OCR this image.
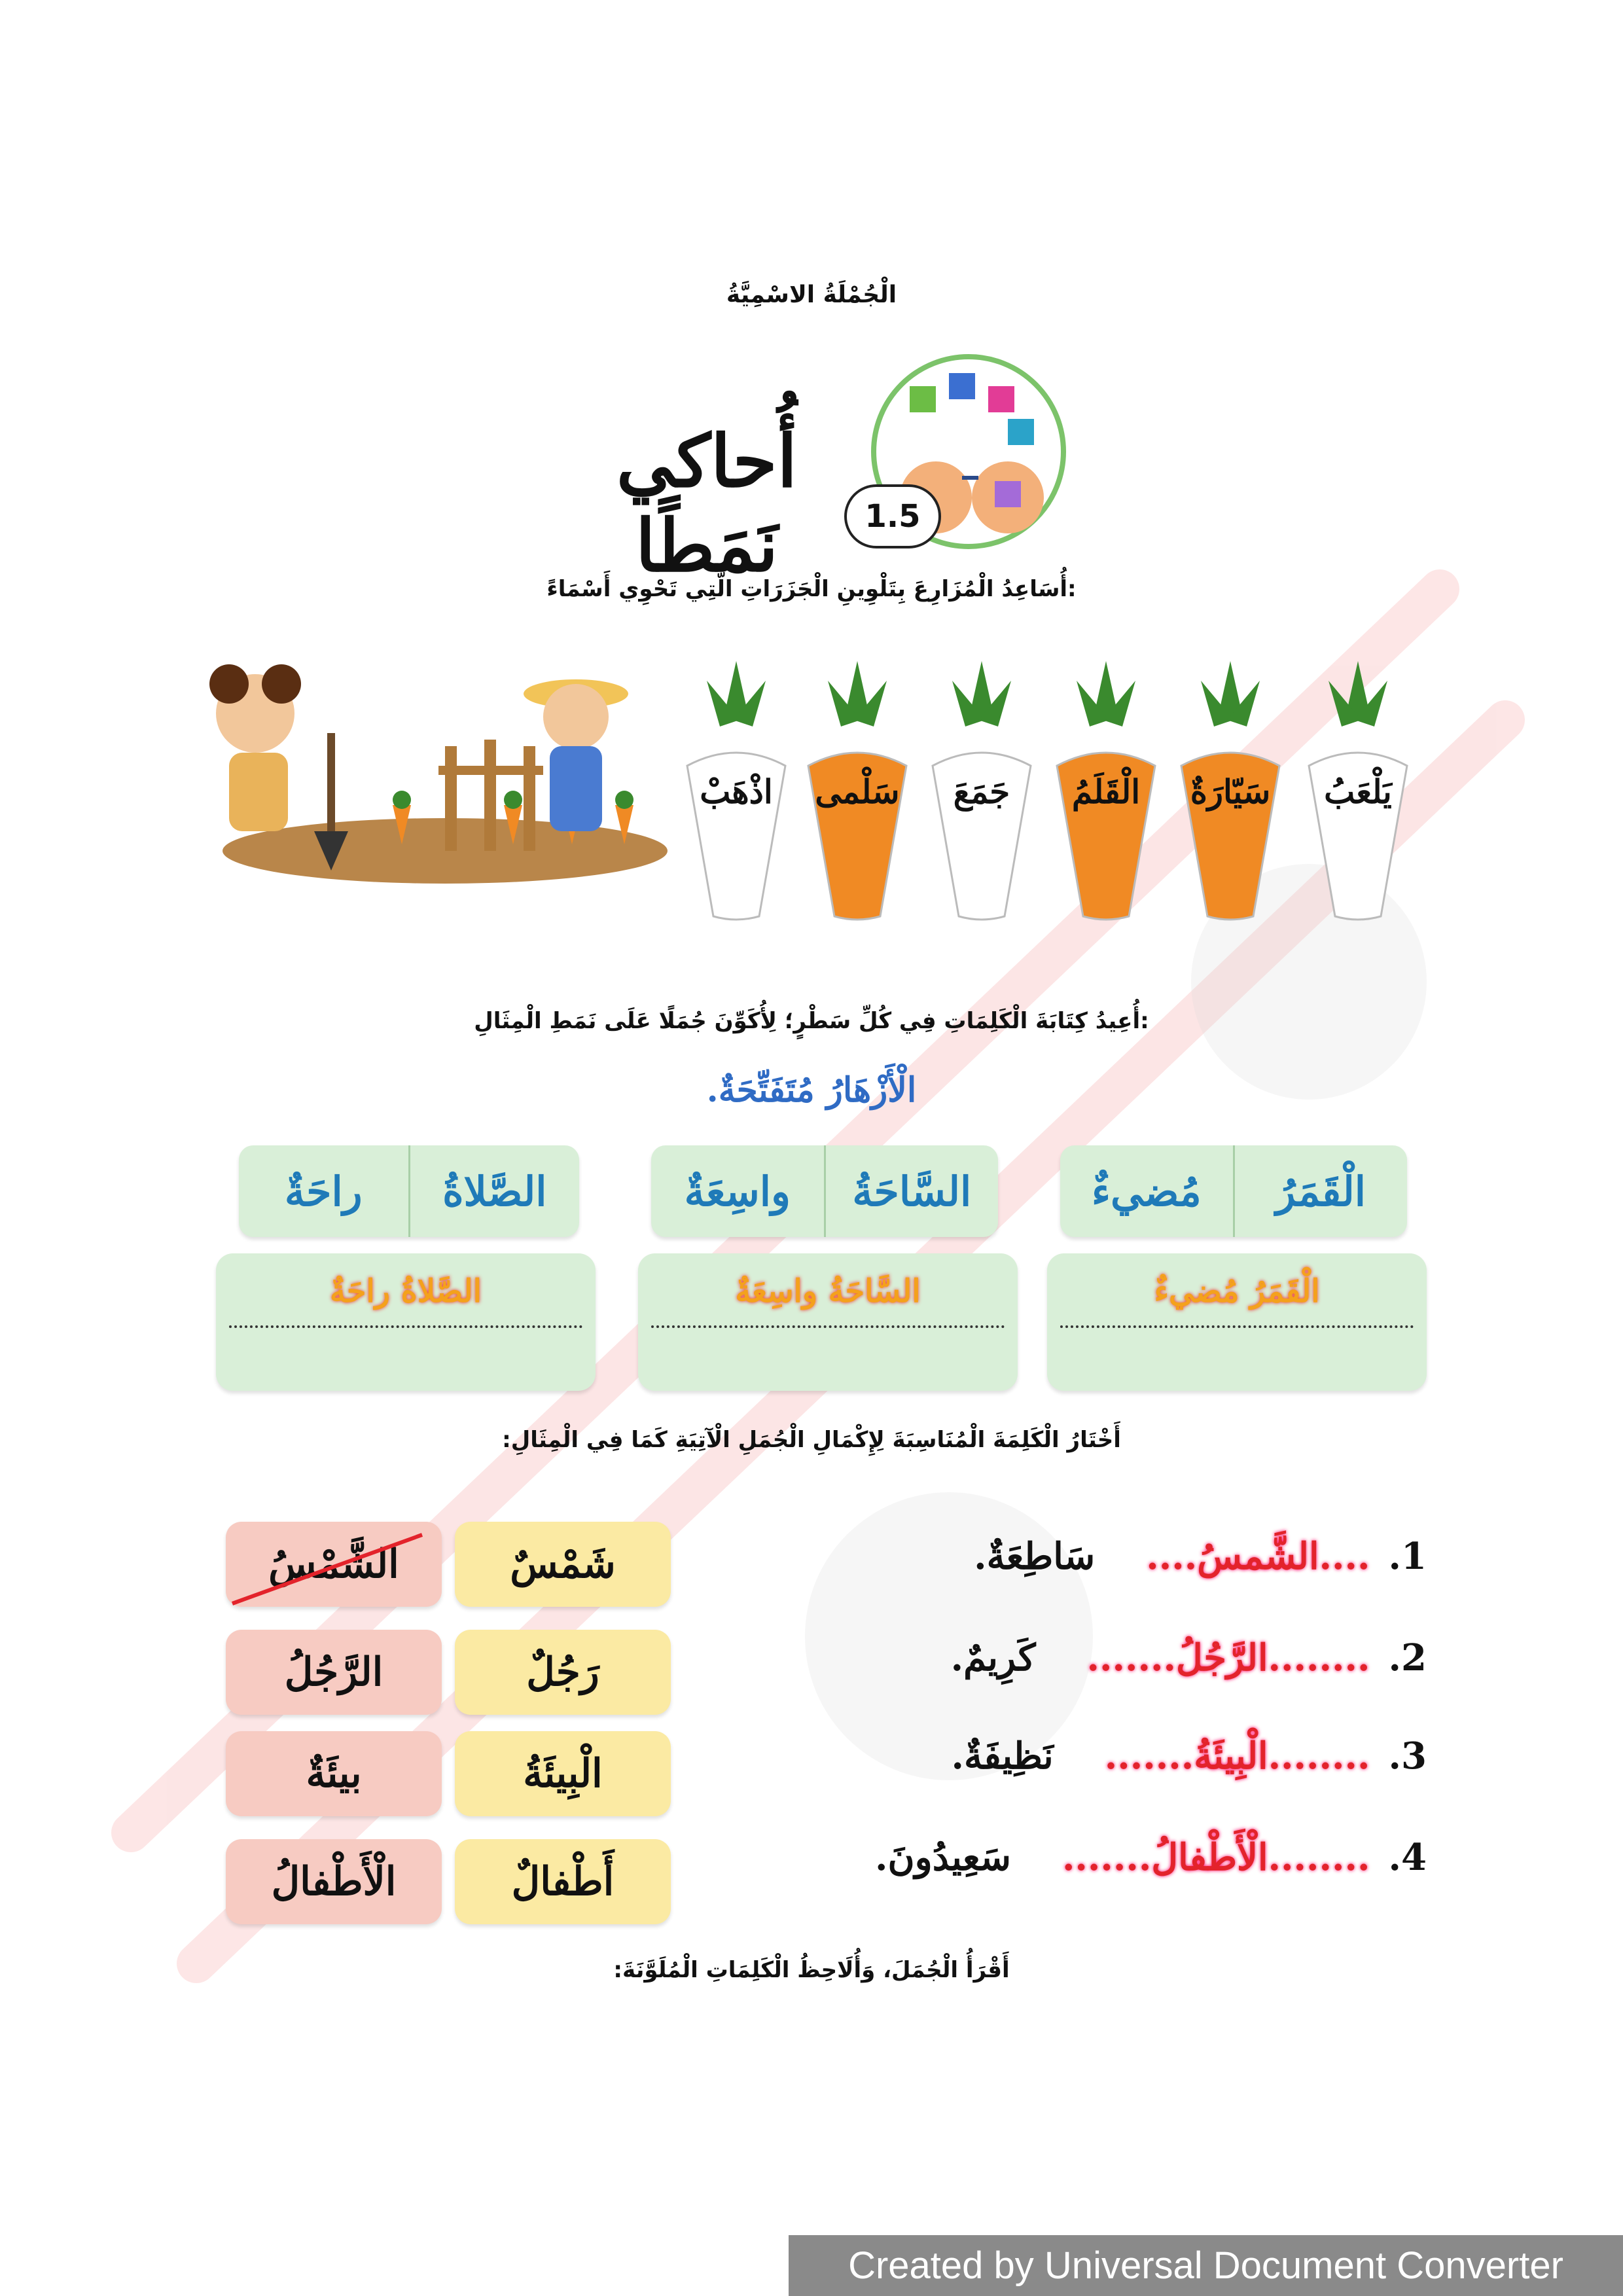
الْجُمْلَةُ الاسْمِيَّةُ
1.5
أُحاكي نَمَطًا
:أُسَاعِدُ الْمُزَارِعَ بِتَلْوِينِ الْجَزَرَاتِ الَّتِي تَحْوِي أَسْمَاءً
يَلْعَبُ
سَيّارَةٌ
الْقَلَمُ
جَمَعَ
سَلْمى
اذْهَبْ
:أُعِيدُ كِتَابَةَ الْكَلِمَاتِ فِي كُلِّ سَطْرٍ؛ لِأُكَوِّنَ جُمَلًا عَلَى نَمَطِ الْمِثَالِ
الْأَزْهَارُ مُتَفَتِّحَةٌ.
الْقَمَرُ
مُضيءٌ
السَّاحَةُ
واسِعَةٌ
الصَّلاةُ
راحَةٌ
الْقَمَرُ مُضيءٌ
السَّاحَةُ واسِعَةٌ
الصَّلاةُ راحَةٌ
أَخْتَارُ الْكَلِمَةَ الْمُنَاسِبَةَ لِإِكْمَالِ الْجُمَلِ الْآتِيَةِ كَمَا فِي الْمِثَالِ:
1.....الشَّمسُ....    سَاطِعَةٌ.
2.........الرَّجُلُ.......    كَرِيمٌ.
3.........الْبِيئَةُ.......    نَظِيفَةٌ.
4.........الْأَطْفالُ.......    سَعِيدُونَ.
شَمْسٌ
الشَّمْسُ
رَجُلٌ
الرَّجُلُ
الْبِيئَةُ
بيئَةٌ
أَطْفالٌ
الْأَطْفالُ
أَقْرَأُ الْجُمَلَ، وَأُلَاحِظُ الْكَلِمَاتِ الْمُلَوَّنَةَ:
Created by Universal Document Converter
